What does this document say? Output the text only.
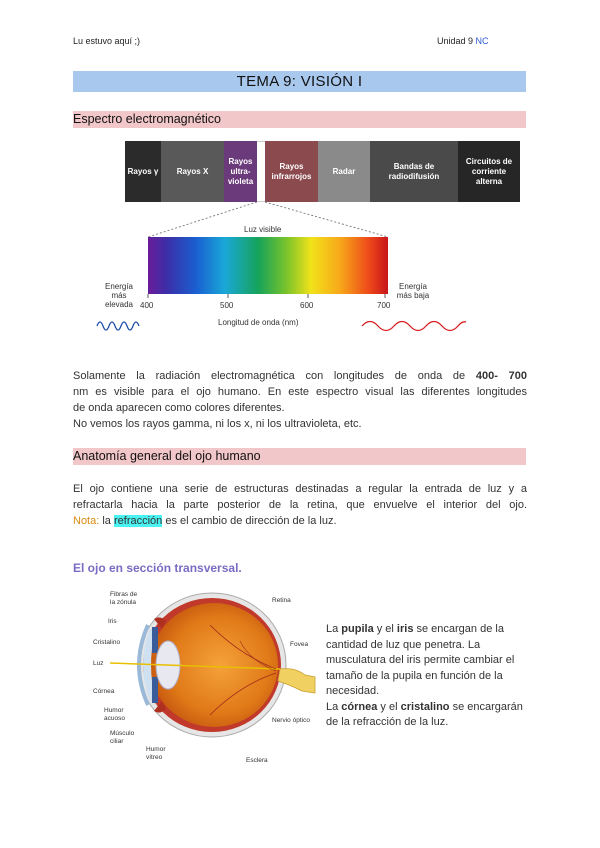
Lu estuvo aquí ;)	Unidad 9 NC
TEMA 9: VISIÓN I
Espectro electromagnético
Rayos γ Rayos X
Rayos ultra-violeta
Rayos infrarrojos
Radar
Bandas de radiodifusión
Circuitos de corriente alterna
Luz visible
400	500	600	700
Longitud de onda (nm)
Energía más elevada
Energía más baja
Solamente la radiación electromagnética con longitudes de onda de 400- 700
nm es visible para el ojo humano. En este espectro visual las diferentes longitudes
de onda aparecen como colores diferentes.
No vemos los rayos gamma, ni los x, ni los ultravioleta, etc.
Anatomía general del ojo humano
El ojo contiene una serie de estructuras destinadas a regular la entrada de luz y a
refractarla hacia la parte posterior de la retina, que envuelve el interior del ojo.
Nota: la refracción es el cambio de dirección de la luz.
El ojo en sección transversal.
Fibras de la zónula
Iris
Cristalino
Luz
Córnea
Humor acuoso
Músculo ciliar
Humor vítreo	Esclera
Nervio óptico
Fovea
Retina
La pupila y el iris se encargan de la cantidad de luz que penetra. La musculatura del iris permite cambiar el tamaño de la pupila en función de la necesidad.
La córnea y el cristalino se encargarán de la refracción de la luz.
